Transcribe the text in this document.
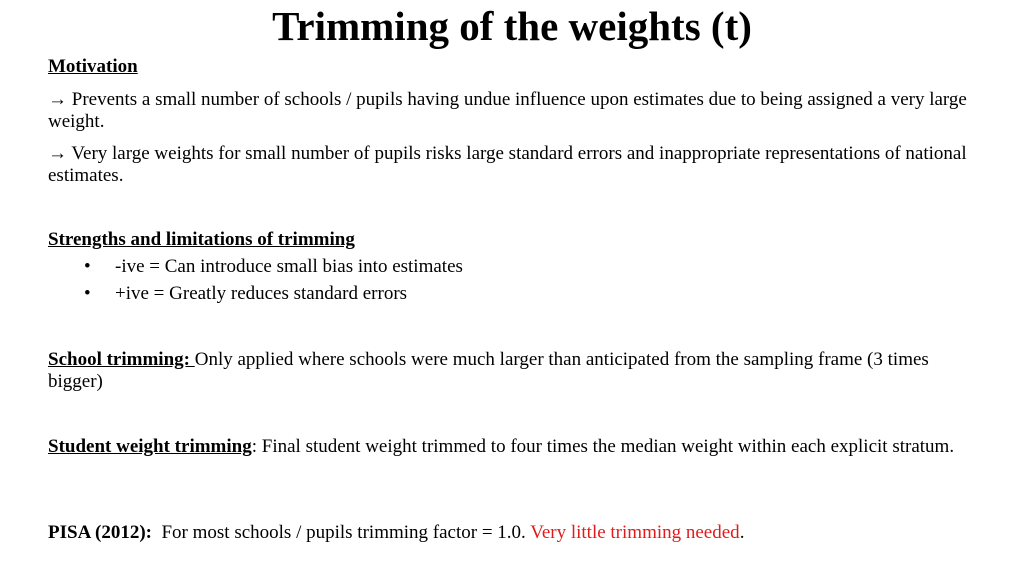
Trimming of the weights (t)
Motivation
→ Prevents a small number of schools / pupils having undue influence upon estimates due to being assigned a very large weight.
→ Very large weights for small number of pupils risks large standard errors and inappropriate representations of national estimates.
Strengths and limitations of trimming
• -ive = Can introduce small bias into estimates
• +ive = Greatly reduces standard errors
School trimming: Only applied where schools were much larger than anticipated from the sampling frame (3 times bigger)
Student weight trimming: Final student weight trimmed to four times the median weight within each explicit stratum.
PISA (2012):  For most schools / pupils trimming factor = 1.0. Very little trimming needed.
